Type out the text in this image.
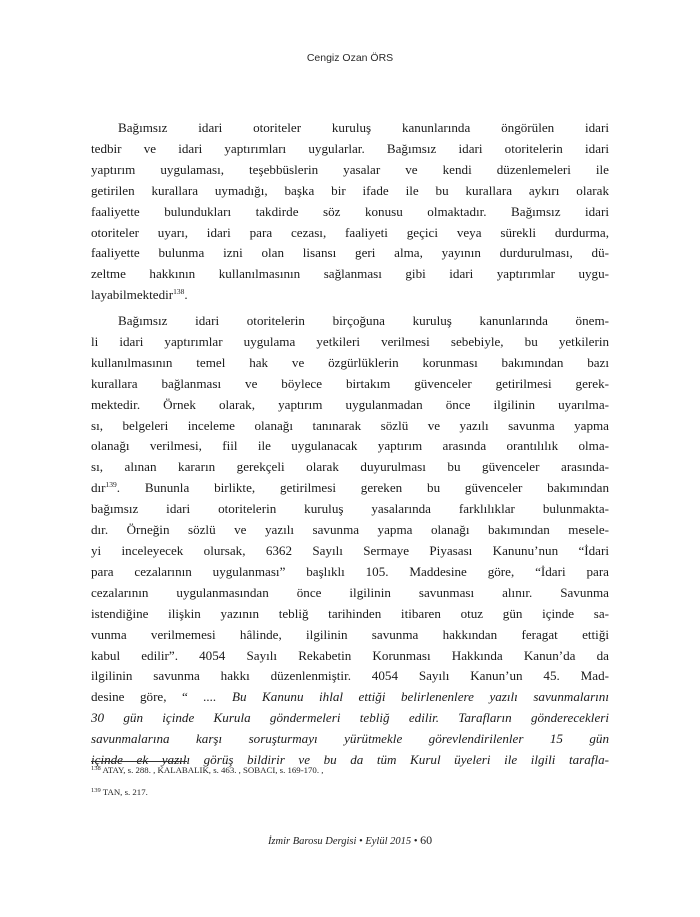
Cengiz Ozan ÖRS
Bağımsız idari otoriteler kuruluş kanunlarında öngörülen idari
tedbir ve idari yaptırımları uygularlar. Bağımsız idari otoritelerin idari
yaptırım uygulaması, teşebbüslerin yasalar ve kendi düzenlemeleri ile
getirilen kurallara uymadığı, başka bir ifade ile bu kurallara aykırı olarak
faaliyette bulundukları takdirde söz konusu olmaktadır. Bağımsız idari
otoriteler uyarı, idari para cezası, faaliyeti geçici veya sürekli durdurma,
faaliyette bulunma izni olan lisansı geri alma, yayının durdurulması, dü-
zeltme hakkının kullanılmasının sağlanması gibi idari yaptırımlar uygu-
layabilmektedir$^{138}$.
Bağımsız idari otoritelerin birçoğuna kuruluş kanunlarında önem-
li idari yaptırımlar uygulama yetkileri verilmesi sebebiyle, bu yetkilerin
kullanılmasının temel hak ve özgürlüklerin korunması bakımından bazı
kurallara bağlanması ve böylece birtakım güvenceler getirilmesi gerek-
mektedir. Örnek olarak, yaptırım uygulanmadan önce ilgilinin uyarılma-
sı, belgeleri inceleme olanağı tanınarak sözlü ve yazılı savunma yapma
olanağı verilmesi, fiil ile uygulanacak yaptırım arasında orantılılık olma-
sı, alınan kararın gerekçeli olarak duyurulması bu güvenceler arasında-
dır$^{139}$. Bununla birlikte, getirilmesi gereken bu güvenceler bakımından
bağımsız idari otoritelerin kuruluş yasalarında farklılıklar bulunmakta-
dır. Örneğin sözlü ve yazılı savunma yapma olanağı bakımından mesele-
yi inceleyecek olursak, 6362 Sayılı Sermaye Piyasası Kanunu’nun “İdari
para cezalarının uygulanması” başlıklı 105. Maddesine göre, “İdari para
cezalarının uygulanmasından önce ilgilinin savunması alınır. Savunma
istendiğine ilişkin yazının tebliğ tarihinden itibaren otuz gün içinde sa-
vunma verilmemesi hâlinde, ilgilinin savunma hakkından feragat ettiği
kabul edilir”. 4054 Sayılı Rekabetin Korunması Hakkında Kanun’da da
ilgilinin savunma hakkı düzenlenmiştir. 4054 Sayılı Kanun’un 45. Mad-
desine göre, “ .... Bu Kanunu ihlal ettiği belirlenenlere yazılı savunmalarını
30 gün içinde Kurula göndermeleri tebliğ edilir. Tarafların gönderecekleri
savunmalarına karşı soruşturmayı yürütmekle görevlendirilenler 15 gün
içinde ek yazılı görüş bildirir ve bu da tüm Kurul üyeleri ile ilgili tarafla-
$^{138}$ ATAY, s. 288. , KALABALIK, s. 463. , SOBACI, s. 169-170. ,
$^{139}$ TAN, s. 217.
İzmir Barosu Dergisi • Eylül 2015 • 60
